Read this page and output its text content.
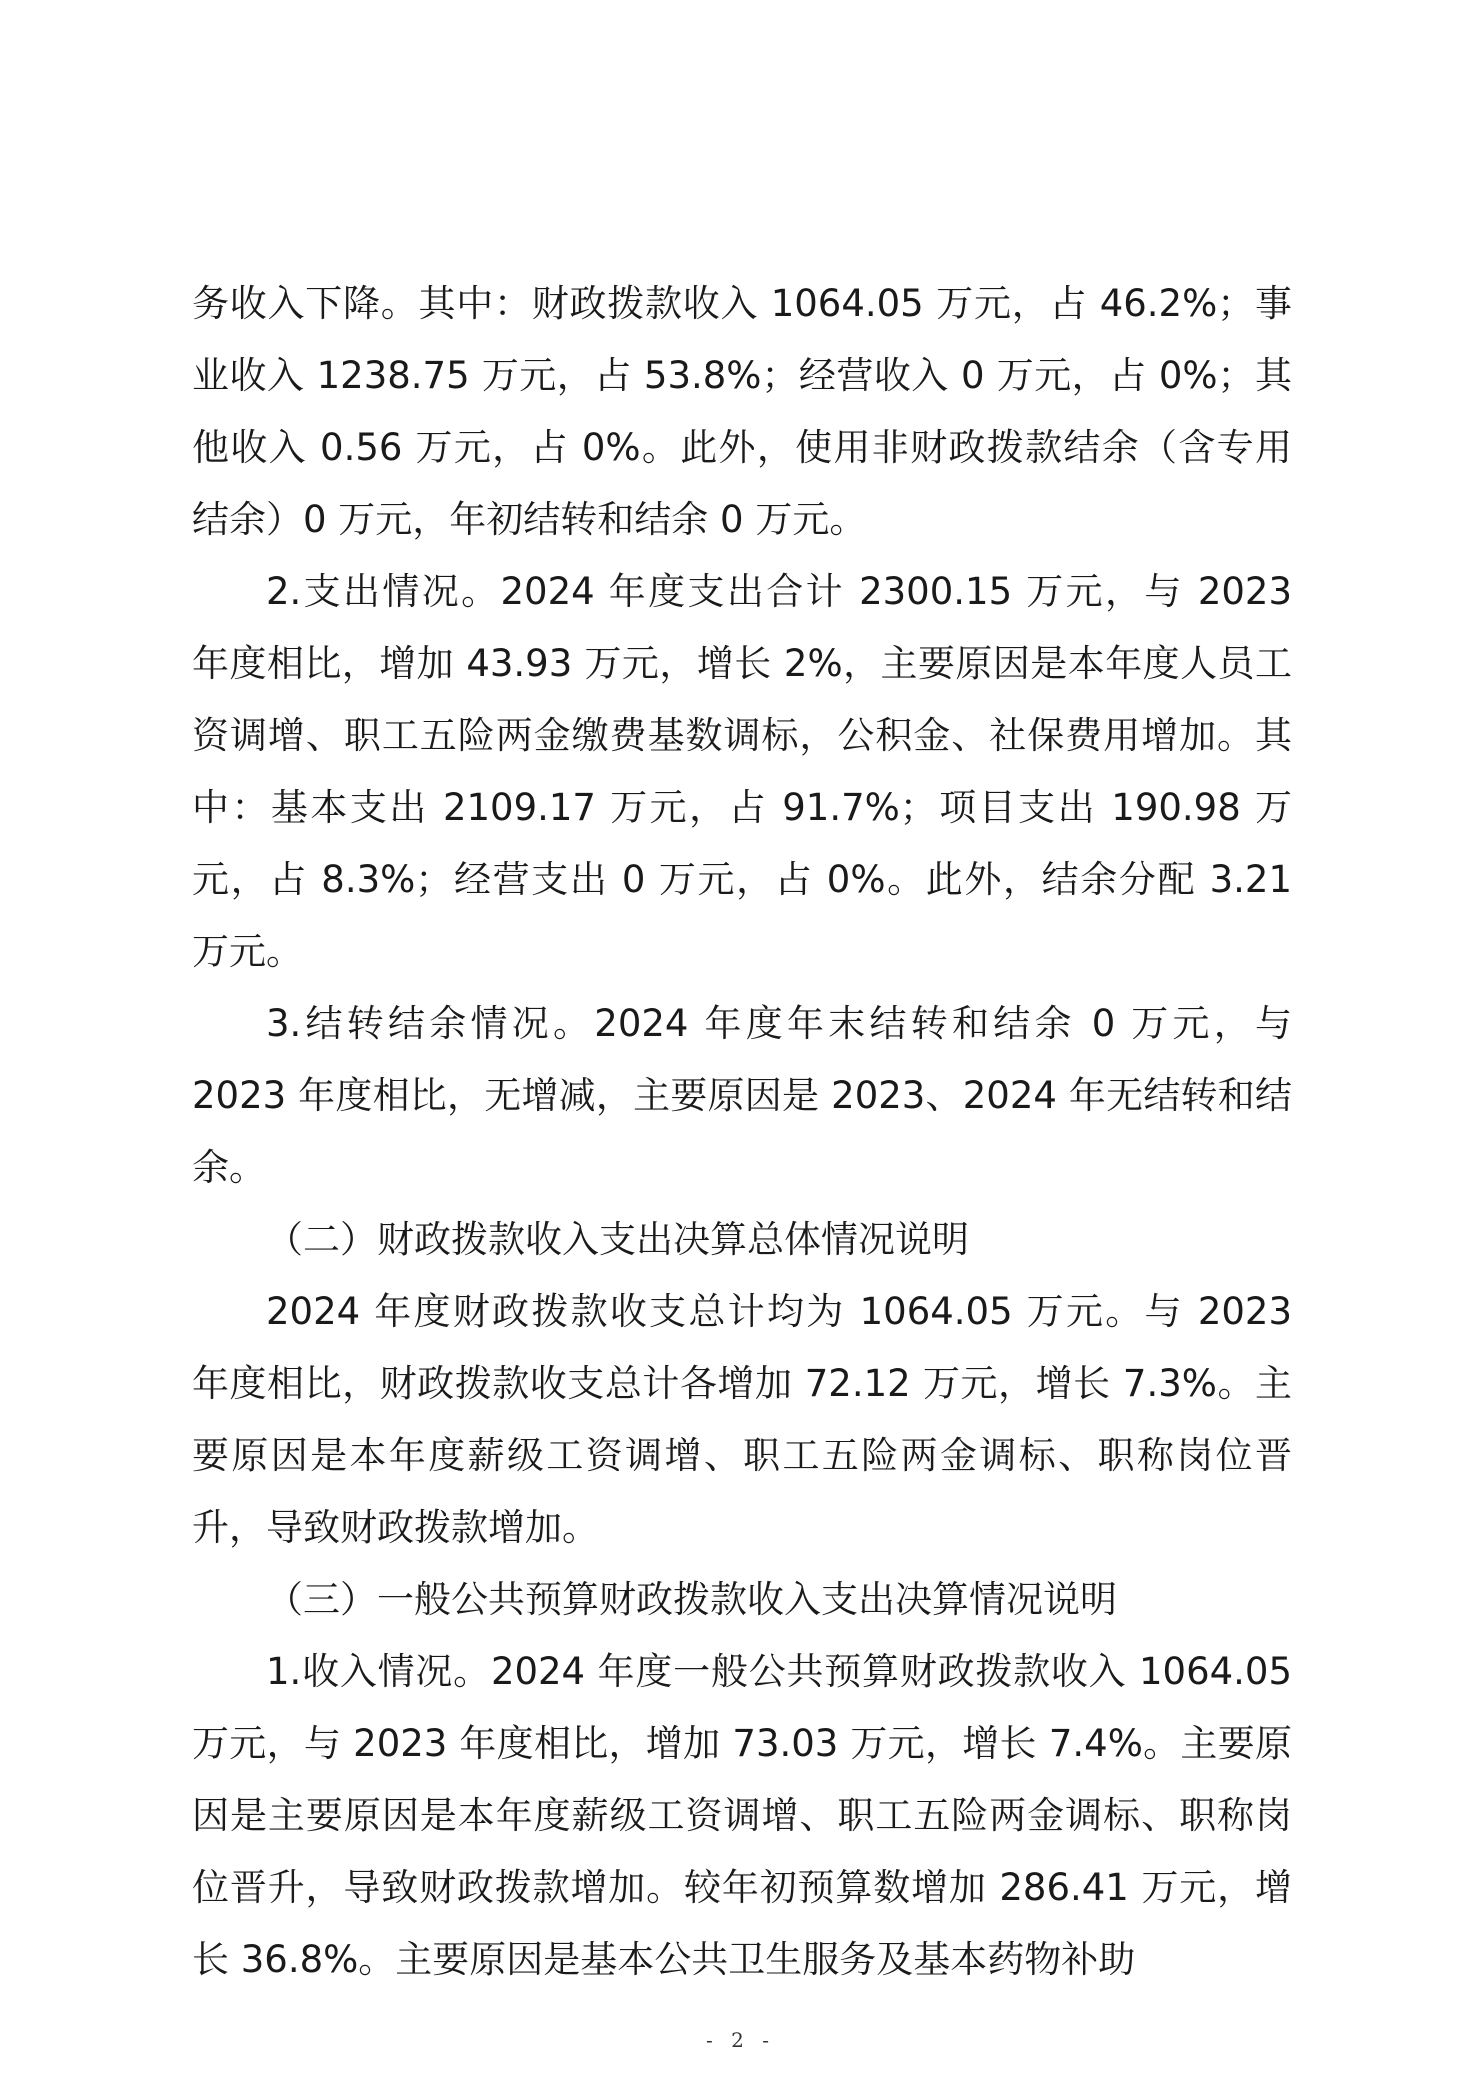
务收入下降。其中：财政拨款收入 1064.05 万元，占 46.2%；事业收入 1238.75 万元，占 53.8%；经营收入 0 万元，占 0%；其他收入 0.56 万元，占 0%。此外，使用非财政拨款结余（含专用结余）0 万元，年初结转和结余 0 万元。

2.支出情况。2024 年度支出合计 2300.15 万元，与 2023 年度相比，增加 43.93 万元，增长 2%，主要原因是本年度人员工资调增、职工五险两金缴费基数调标，公积金、社保费用增加。其中：基本支出 2109.17 万元，占 91.7%；项目支出 190.98 万元，占 8.3%；经营支出 0 万元，占 0%。此外，结余分配 3.21 万元。

3.结转结余情况。2024 年度年末结转和结余 0 万元，与 2023 年度相比，无增减，主要原因是 2023、2024 年无结转和结余。

（二）财政拨款收入支出决算总体情况说明

2024 年度财政拨款收支总计均为 1064.05 万元。与 2023 年度相比，财政拨款收支总计各增加 72.12 万元，增长 7.3%。主要原因是本年度薪级工资调增、职工五险两金调标、职称岗位晋升，导致财政拨款增加。

（三）一般公共预算财政拨款收入支出决算情况说明

1.收入情况。2024 年度一般公共预算财政拨款收入 1064.05 万元，与 2023 年度相比，增加 73.03 万元，增长 7.4%。主要原因是主要原因是本年度薪级工资调增、职工五险两金调标、职称岗位晋升，导致财政拨款增加。较年初预算数增加 286.41 万元，增长 36.8%。主要原因是基本公共卫生服务及基本药物补助

- 2 -
